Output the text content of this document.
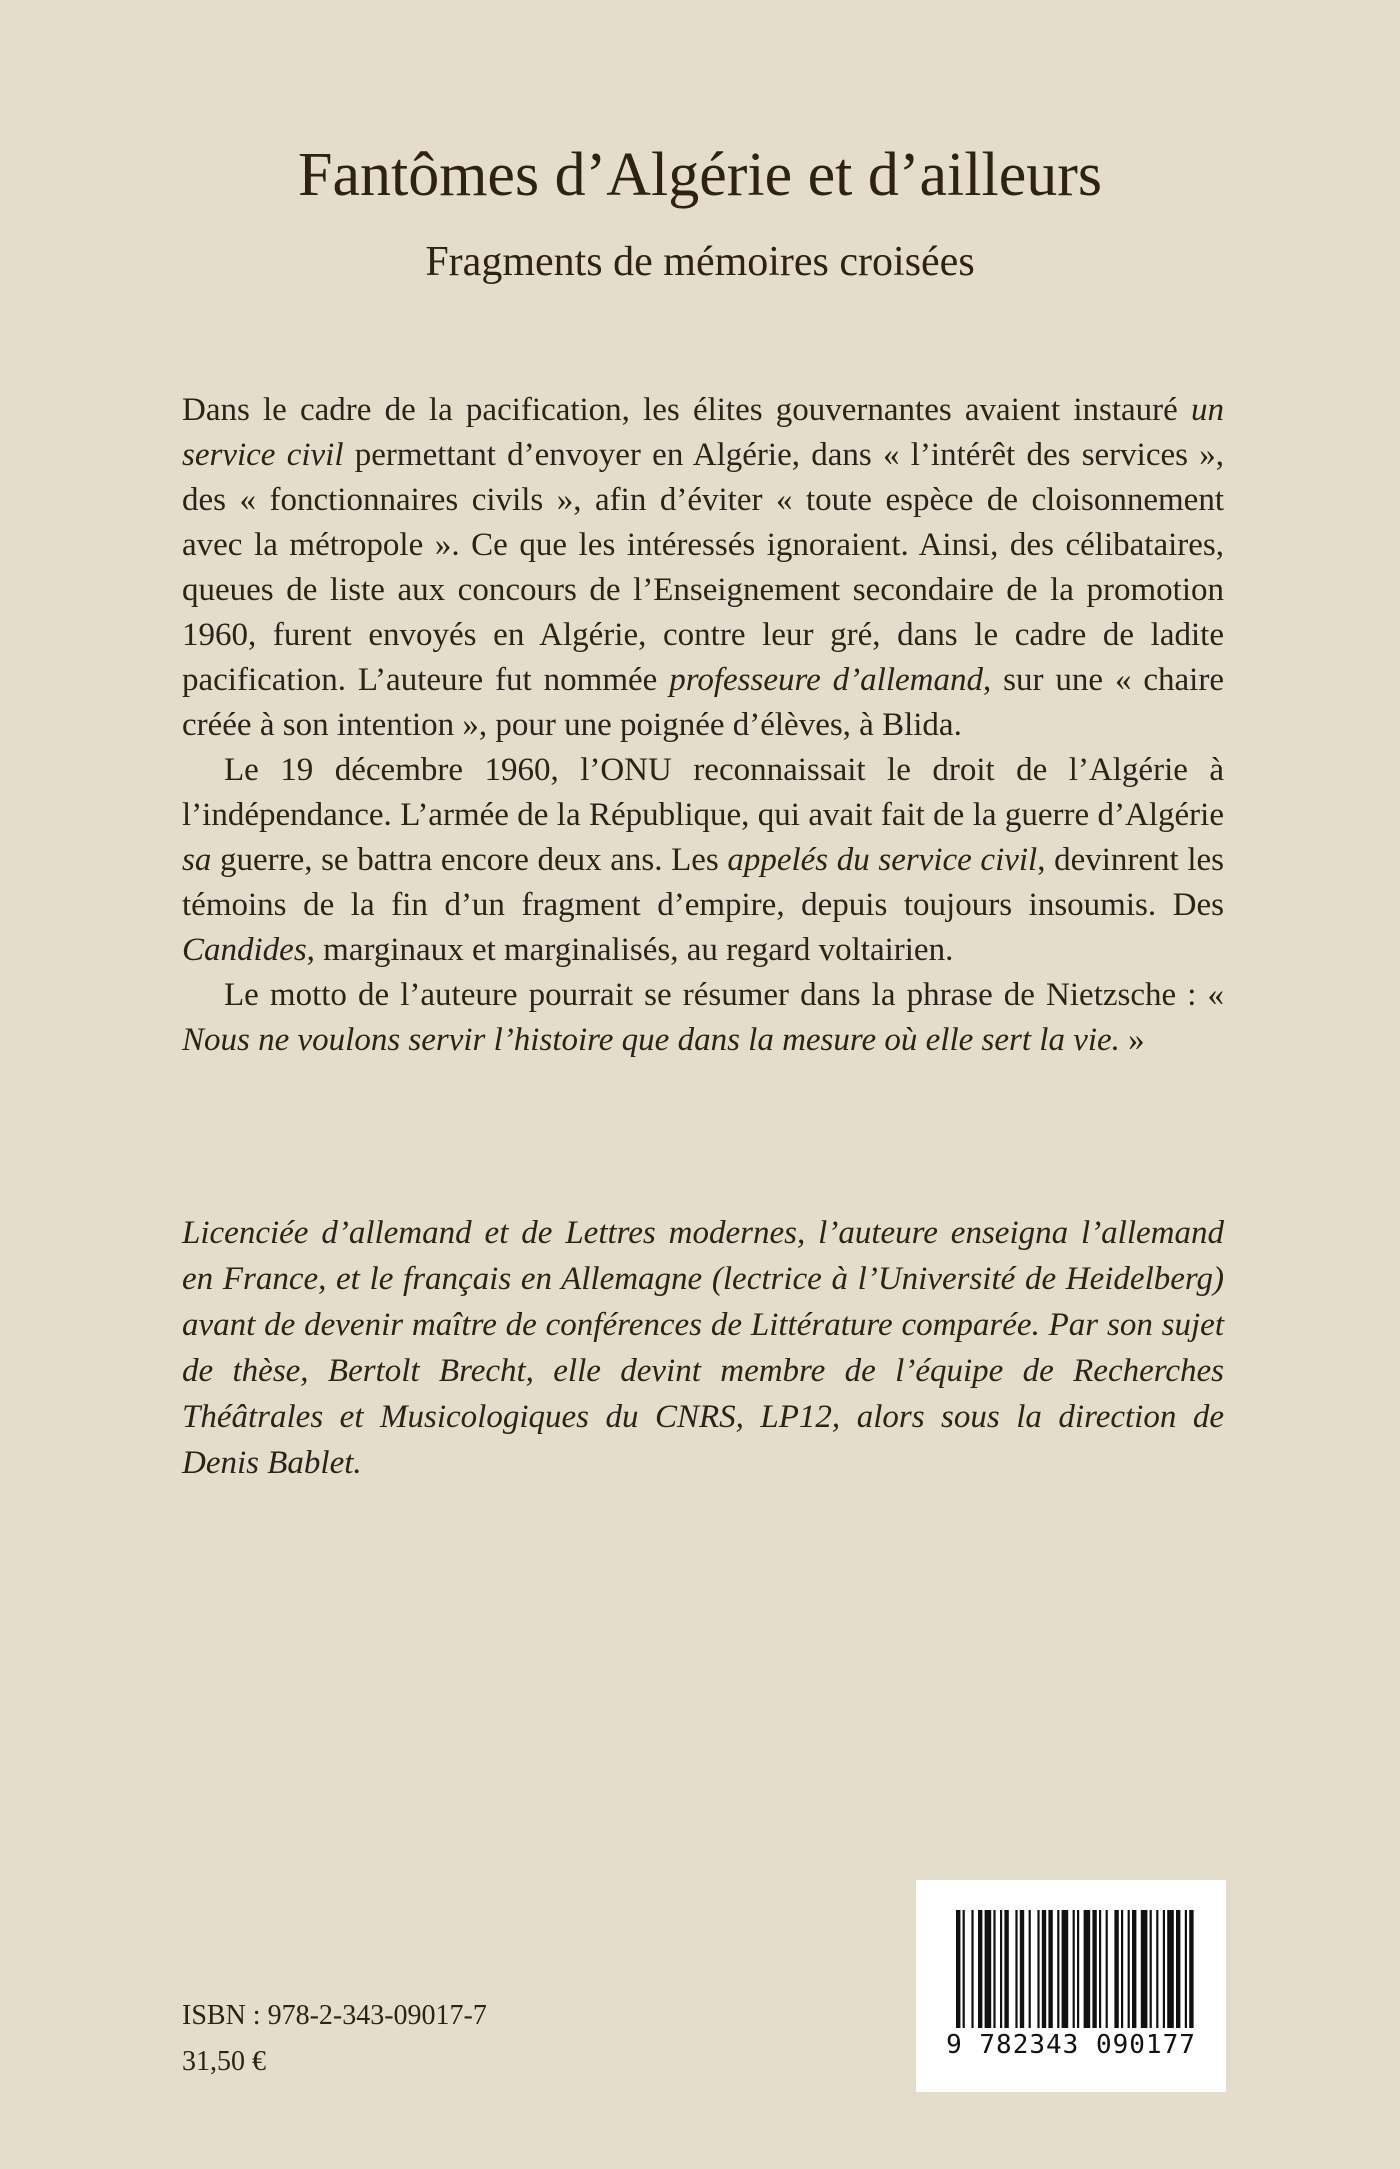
Fantômes d’Algérie et d’ailleurs
Fragments de mémoires croisées

Dans le cadre de la pacification, les élites gouvernantes avaient instauré un service civil permettant d’envoyer en Algérie, dans « l’intérêt des services », des « fonctionnaires civils », afin d’éviter « toute espèce de cloisonnement avec la métropole ». Ce que les intéressés ignoraient. Ainsi, des célibataires, queues de liste aux concours de l’Enseignement secondaire de la promotion 1960, furent envoyés en Algérie, contre leur gré, dans le cadre de ladite pacification. L’auteure fut nommée professeure d’allemand, sur une « chaire créée à son intention », pour une poignée d’élèves, à Blida.

Le 19 décembre 1960, l’ONU reconnaissait le droit de l’Algérie à l’indépendance. L’armée de la République, qui avait fait de la guerre d’Algérie sa guerre, se battra encore deux ans. Les appelés du service civil, devinrent les témoins de la fin d’un fragment d’empire, depuis toujours insoumis. Des Candides, marginaux et marginalisés, au regard voltairien.

Le motto de l’auteure pourrait se résumer dans la phrase de Nietzsche : « Nous ne voulons servir l’histoire que dans la mesure où elle sert la vie. »

Licenciée d’allemand et de Lettres modernes, l’auteure enseigna l’allemand en France, et le français en Allemagne (lectrice à l’Université de Heidelberg) avant de devenir maître de conférences de Littérature comparée. Par son sujet de thèse, Bertolt Brecht, elle devint membre de l’équipe de Recherches Théâtrales et Musicologiques du CNRS, LP12, alors sous la direction de Denis Bablet.

ISBN : 978-2-343-09017-7
31,50 €
9 782343 090177
